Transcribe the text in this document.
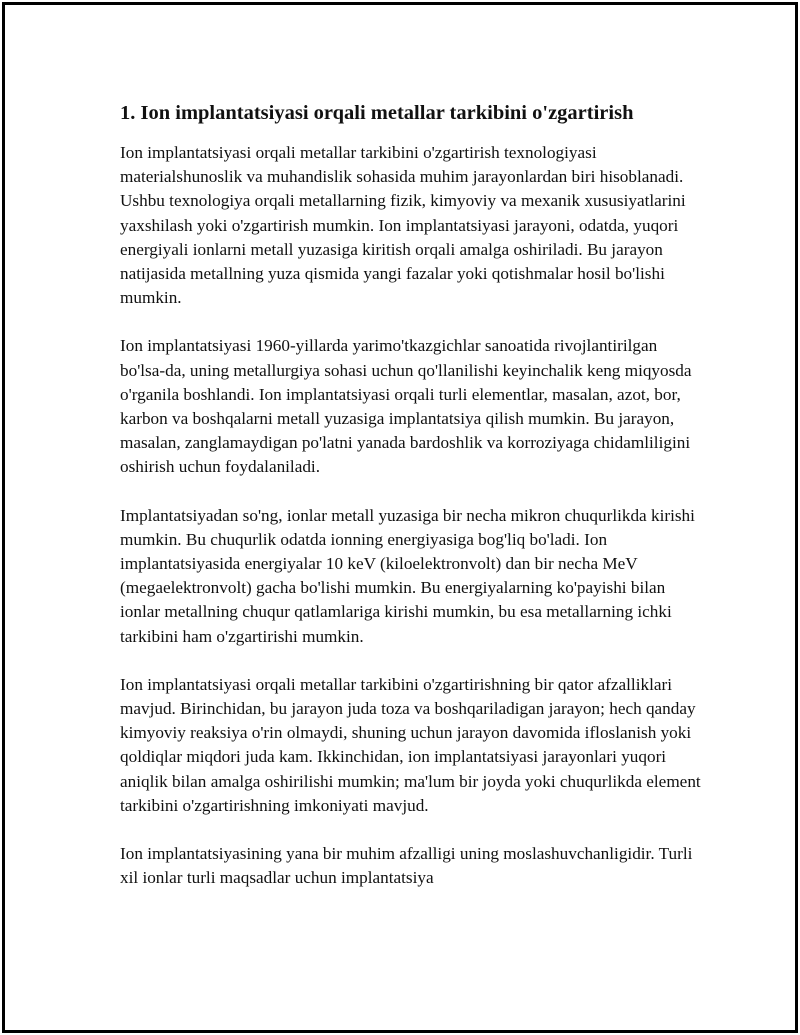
1. Ion implantatsiyasi orqali metallar tarkibini o'zgartirish

Ion implantatsiyasi orqali metallar tarkibini o'zgartirish texnologiyasi materialshunoslik va muhandislik sohasida muhim jarayonlardan biri hisoblanadi. Ushbu texnologiya orqali metallarning fizik, kimyoviy va mexanik xususiyatlarini yaxshilash yoki o'zgartirish mumkin. Ion implantatsiyasi jarayoni, odatda, yuqori energiyali ionlarni metall yuzasiga kiritish orqali amalga oshiriladi. Bu jarayon natijasida metallning yuza qismida yangi fazalar yoki qotishmalar hosil bo'lishi mumkin.

Ion implantatsiyasi 1960-yillarda yarimo'tkazgichlar sanoatida rivojlantirilgan bo'lsa-da, uning metallurgiya sohasi uchun qo'llanilishi keyinchalik keng miqyosda o'rganila boshlandi. Ion implantatsiyasi orqali turli elementlar, masalan, azot, bor, karbon va boshqalarni metall yuzasiga implantatsiya qilish mumkin. Bu jarayon, masalan, zanglamaydigan po'latni yanada bardoshlik va korroziyaga chidamliligini oshirish uchun foydalaniladi.

Implantatsiyadan so'ng, ionlar metall yuzasiga bir necha mikron chuqurlikda kirishi mumkin. Bu chuqurlik odatda ionning energiyasiga bog'liq bo'ladi. Ion implantatsiyasida energiyalar 10 keV (kiloelektronvolt) dan bir necha MeV (megaelektronvolt) gacha bo'lishi mumkin. Bu energiyalarning ko'payishi bilan ionlar metallning chuqur qatlamlariga kirishi mumkin, bu esa metallarning ichki tarkibini ham o'zgartirishi mumkin.

Ion implantatsiyasi orqali metallar tarkibini o'zgartirishning bir qator afzalliklari mavjud. Birinchidan, bu jarayon juda toza va boshqariladigan jarayon; hech qanday kimyoviy reaksiya o'rin olmaydi, shuning uchun jarayon davomida ifloslanish yoki qoldiqlar miqdori juda kam. Ikkinchidan, ion implantatsiyasi jarayonlari yuqori aniqlik bilan amalga oshirilishi mumkin; ma'lum bir joyda yoki chuqurlikda element tarkibini o'zgartirishning imkoniyati mavjud.

Ion implantatsiyasining yana bir muhim afzalligi uning moslashuvchanligidir. Turli xil ionlar turli maqsadlar uchun implantatsiya
